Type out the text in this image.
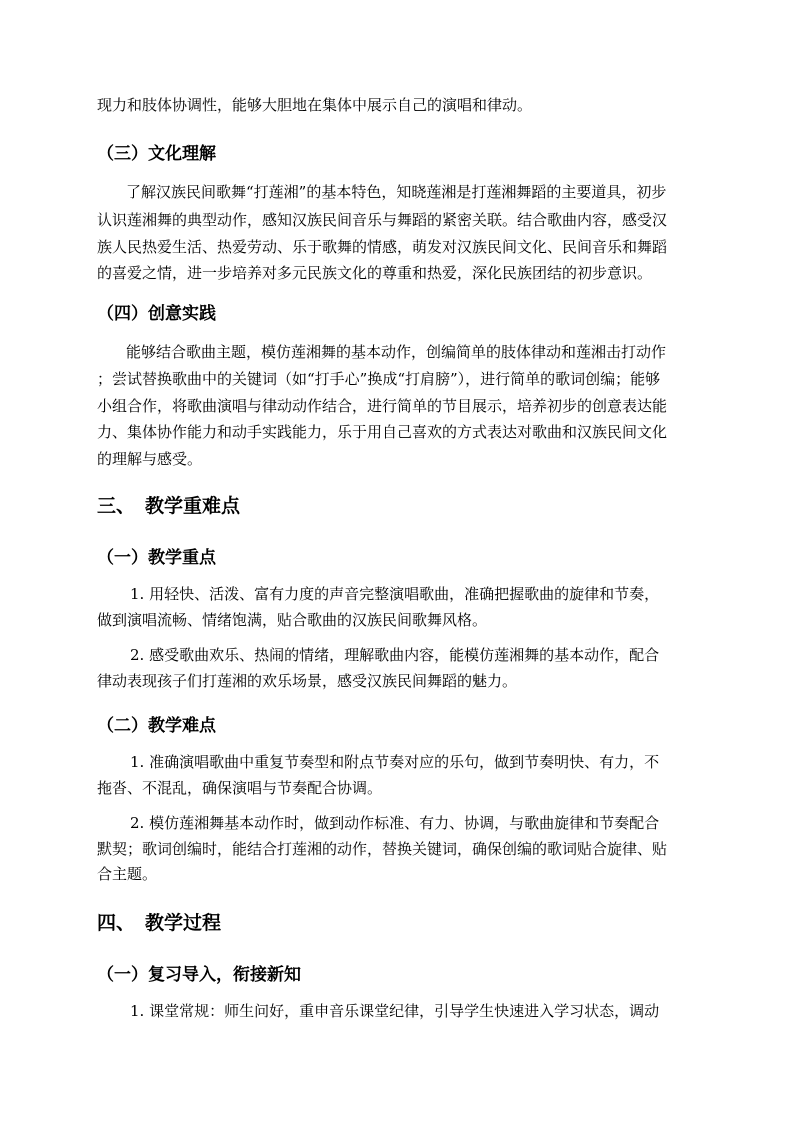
现力和肢体协调性，能够大胆地在集体中展示自己的演唱和律动。
（三）文化理解
了解汉族民间歌舞“打莲湘”的基本特色，知晓莲湘是打莲湘舞蹈的主要道具，初步
认识莲湘舞的典型动作，感知汉族民间音乐与舞蹈的紧密关联。结合歌曲内容，感受汉
族人民热爱生活、热爱劳动、乐于歌舞的情感，萌发对汉族民间文化、民间音乐和舞蹈
的喜爱之情，进一步培养对多元民族文化的尊重和热爱，深化民族团结的初步意识。
（四）创意实践
能够结合歌曲主题，模仿莲湘舞的基本动作，创编简单的肢体律动和莲湘击打动作
；尝试替换歌曲中的关键词（如“打手心”换成“打肩膀”），进行简单的歌词创编；能够
小组合作，将歌曲演唱与律动动作结合，进行简单的节目展示，培养初步的创意表达能
力、集体协作能力和动手实践能力，乐于用自己喜欢的方式表达对歌曲和汉族民间文化
的理解与感受。
三、 教学重难点
（一）教学重点
1. 用轻快、活泼、富有力度的声音完整演唱歌曲，准确把握歌曲的旋律和节奏，
做到演唱流畅、情绪饱满，贴合歌曲的汉族民间歌舞风格。
2. 感受歌曲欢乐、热闹的情绪，理解歌曲内容，能模仿莲湘舞的基本动作，配合
律动表现孩子们打莲湘的欢乐场景，感受汉族民间舞蹈的魅力。
（二）教学难点
1. 准确演唱歌曲中重复节奏型和附点节奏对应的乐句，做到节奏明快、有力，不
拖沓、不混乱，确保演唱与节奏配合协调。
2. 模仿莲湘舞基本动作时，做到动作标准、有力、协调，与歌曲旋律和节奏配合
默契；歌词创编时，能结合打莲湘的动作，替换关键词，确保创编的歌词贴合旋律、贴
合主题。
四、 教学过程
（一）复习导入，衔接新知
1. 课堂常规：师生问好，重申音乐课堂纪律，引导学生快速进入学习状态，调动
